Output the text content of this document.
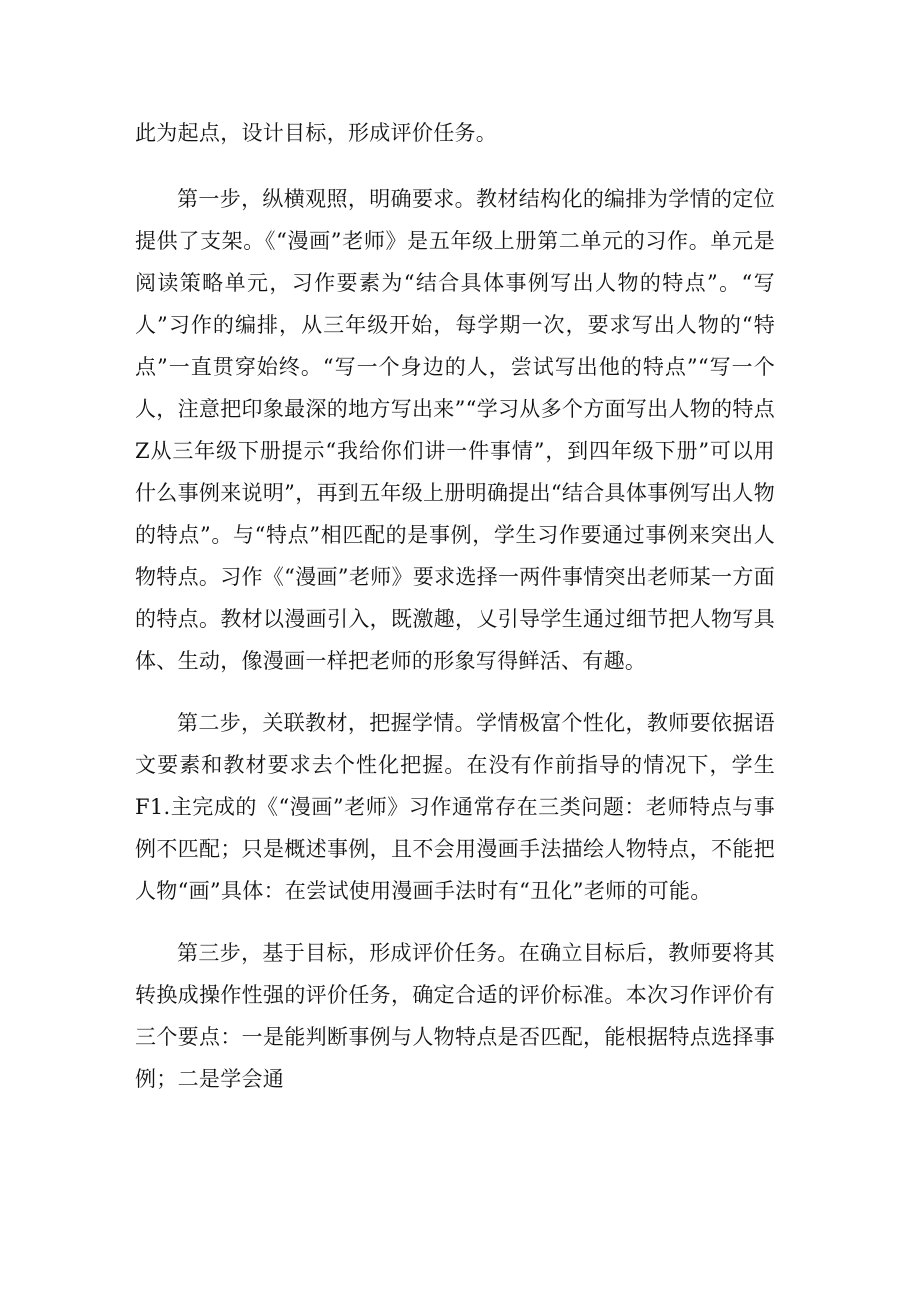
此为起点，设计目标，形成评价任务。

第一步，纵横观照，明确要求。教材结构化的编排为学情的定位提供了支架。《“漫画”老师》是五年级上册第二单元的习作。单元是阅读策略单元，习作要素为“结合具体事例写出人物的特点”。“写人”习作的编排，从三年级开始，每学期一次，要求写出人物的“特点”一直贯穿始终。“写一个身边的人，尝试写出他的特点”“写一个人，注意把印象最深的地方写出来”“学习从多个方面写出人物的特点Z从三年级下册提示“我给你们讲一件事情”，到四年级下册”可以用什么事例来说明”，再到五年级上册明确提出“结合具体事例写出人物的特点”。与“特点”相匹配的是事例，学生习作要通过事例来突出人物特点。习作《“漫画”老师》要求选择一两件事情突出老师某一方面的特点。教材以漫画引入，既激趣，乂引导学生通过细节把人物写具体、生动，像漫画一样把老师的形象写得鲜活、有趣。

第二步，关联教材，把握学情。学情极富个性化，教师要依据语文要素和教材要求去个性化把握。在没有作前指导的情况下，学生F1.主完成的《“漫画”老师》习作通常存在三类问题：老师特点与事例不匹配；只是概述事例，且不会用漫画手法描绘人物特点，不能把人物“画”具体：在尝试使用漫画手法时有“丑化”老师的可能。

第三步，基于目标，形成评价任务。在确立目标后，教师要将其转换成操作性强的评价任务，确定合适的评价标准。本次习作评价有三个要点：一是能判断事例与人物特点是否匹配，能根据特点选择事例；二是学会通
